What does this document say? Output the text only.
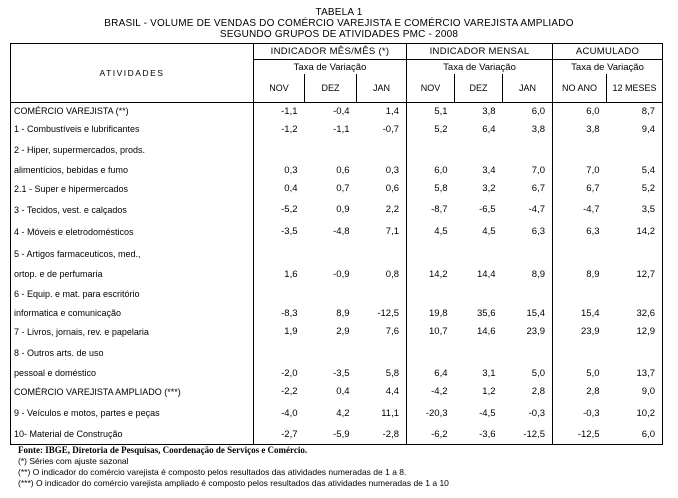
TABELA 1
BRASIL - VOLUME DE VENDAS DO COMÉRCIO VAREJISTA E COMÉRCIO VAREJISTA AMPLIADO
SEGUNDO GRUPOS DE ATIVIDADES PMC - 2008
ATIVIDADES	INDICADOR MÊS/MÊS (*)			INDICADOR MENSAL			ACUMULADO	
	Taxa de Variação			Taxa de Variação			Taxa de Variação	
	NOV	DEZ	JAN	NOV	DEZ	JAN	NO ANO	12 MESES
COMÉRCIO VAREJISTA (**)	-1,1	-0,4	1,4	5,1	3,8	6,0	6,0	8,7
1 - Combustíveis e lubrificantes	-1,2	-1,1	-0,7	5,2	6,4	3,8	3,8	9,4
2 - Hiper, supermercados, prods.								
alimentícios, bebidas e fumo	0,3	0,6	0,3	6,0	3,4	7,0	7,0	5,4
2.1 - Super e hipermercados	0,4	0,7	0,6	5,8	3,2	6,7	6,7	5,2
3 - Tecidos, vest. e calçados	-5,2	0,9	2,2	-8,7	-6,5	-4,7	-4,7	3,5
4 - Móveis e eletrodomésticos	-3,5	-4,8	7,1	4,5	4,5	6,3	6,3	14,2
5 - Artigos farmaceuticos, med.,								
ortop. e de perfumaria	1,6	-0,9	0,8	14,2	14,4	8,9	8,9	12,7
6 - Equip. e mat. para escritório								
informatica e comunicação	-8,3	8,9	-12,5	19,8	35,6	15,4	15,4	32,6
7 - Livros, jornais, rev. e papelaria	1,9	2,9	7,6	10,7	14,6	23,9	23,9	12,9
8 - Outros arts. de uso								
pessoal e doméstico	-2,0	-3,5	5,8	6,4	3,1	5,0	5,0	13,7
COMÉRCIO VAREJISTA AMPLIADO (***)	-2,2	0,4	4,4	-4,2	1,2	2,8	2,8	9,0
9 - Veículos e motos, partes e peças	-4,0	4,2	11,1	-20,3	-4,5	-0,3	-0,3	10,2
10- Material de Construção	-2,7	-5,9	-2,8	-6,2	-3,6	-12,5	-12,5	6,0
Fonte: IBGE, Diretoria de Pesquisas, Coordenação de Serviços e Comércio.
(*) Séries com ajuste sazonal
(**) O indicador do comércio varejista é composto pelos resultados das atividades numeradas de 1 a 8.
(***) O indicador do comércio varejista ampliado é composto pelos resultados das atividades numeradas de 1 a 10
